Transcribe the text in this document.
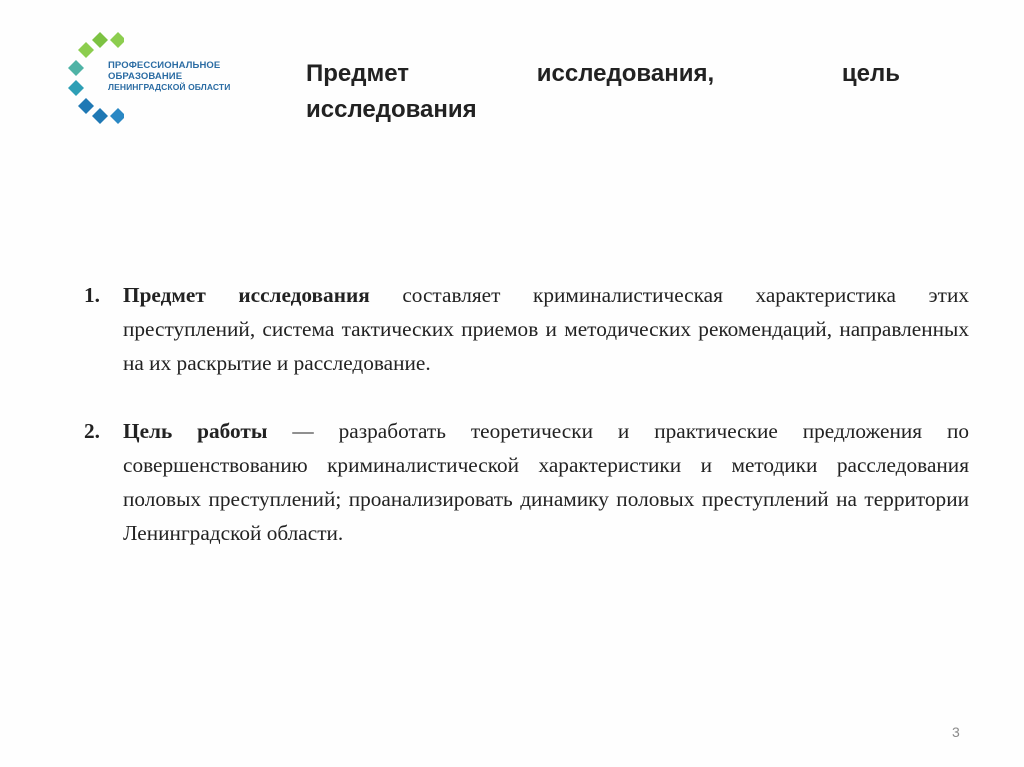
ПРОФЕССИОНАЛЬНОЕ
ОБРАЗОВАНИЕ
ЛЕНИНГРАДСКОЙ ОБЛАСТИ	Предмет	исследования,	цель
исследования
1. Предмет исследования составляет криминалистическая характеристика этих преступлений, система тактических приемов и методических рекомендаций, направленных на их раскрытие и расследование.
2. Цель работы — разработать теоретически и практические предложения по совершенствованию криминалистической характеристики и методики расследования половых преступлений; проанализировать динамику половых преступлений на территории Ленинградской области.
3
